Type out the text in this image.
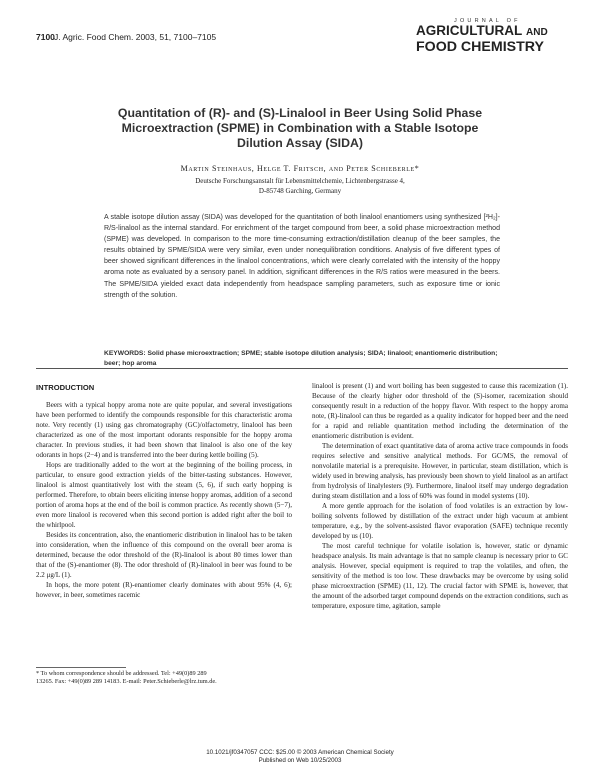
7100 J. Agric. Food Chem. 2003, 51, 7100–7105
JOURNAL OF
AGRICULTURAL AND
FOOD CHEMISTRY
Quantitation of (R)- and (S)-Linalool in Beer Using Solid Phase
Microextraction (SPME) in Combination with a Stable Isotope
Dilution Assay (SIDA)
Martin Steinhaus, Helge T. Fritsch, and Peter Schieberle*
Deutsche Forschungsanstalt für Lebensmittelchemie, Lichtenbergstrasse 4,
D-85748 Garching, Germany
A stable isotope dilution assay (SIDA) was developed for the quantitation of both linalool enantiomers using synthesized [²H₂]-R/S-linalool as the internal standard. For enrichment of the target compound from beer, a solid phase microextraction method (SPME) was developed. In comparison to the more time-consuming extraction/distillation cleanup of the beer samples, the results obtained by SPME/SIDA were very similar, even under nonequilibration conditions. Analysis of five different types of beer showed significant differences in the linalool concentrations, which were clearly correlated with the intensity of the hoppy aroma note as evaluated by a sensory panel. In addition, significant differences in the R/S ratios were measured in the beers. The SPME/SIDA yielded exact data independently from headspace sampling parameters, such as exposure time or ionic strength of the solution.
KEYWORDS: Solid phase microextraction; SPME; stable isotope dilution analysis; SIDA; linalool; enantiomeric distribution; beer; hop aroma
INTRODUCTION

Beers with a typical hoppy aroma note are quite popular, and several investigations have been performed to identify the compounds responsible for this characteristic aroma note. Very recently (1) using gas chromatography (GC)/olfactometry, linalool has been characterized as one of the most important odorants responsible for the hoppy aroma character. In previous studies, it had been shown that linalool is also one of the key odorants in hops (2−4) and is transferred into the beer during kettle boiling (5).

Hops are traditionally added to the wort at the beginning of the boiling process, in particular, to ensure good extraction yields of the bitter-tasting substances. However, linalool is almost quantitatively lost with the steam (5, 6), if such early hopping is performed. Therefore, to obtain beers eliciting intense hoppy aromas, addition of a second portion of aroma hops at the end of the boil is common practice. As recently shown (5−7), even more linalool is recovered when this second portion is added right after the boil to the whirlpool.

Besides its concentration, also, the enantiomeric distribution in linalool has to be taken into consideration, when the influence of this compound on the overall beer aroma is determined, because the odor threshold of the (R)-linalool is about 80 times lower than that of the (S)-enantiomer (8). The odor threshold of (R)-linalool in beer was found to be 2.2 μg/L (1).

In hops, the more potent (R)-enantiomer clearly dominates with about 95% (4, 6); however, in beer, sometimes racemic

linalool is present (1) and wort boiling has been suggested to cause this racemization (1). Because of the clearly higher odor threshold of the (S)-isomer, racemization should consequently result in a reduction of the hoppy flavor. With respect to the hoppy aroma note, (R)-linalool can thus be regarded as a quality indicator for hopped beer and the need for a rapid and reliable quantitation method including the determination of the enantiomeric distribution is evident.

The determination of exact quantitative data of aroma active trace compounds in foods requires selective and sensitive analytical methods. For GC/MS, the removal of nonvolatile material is a prerequisite. However, in particular, steam distillation, which is widely used in brewing analysis, has previously been shown to yield linalool as an artifact from hydrolysis of linalylesters (9). Furthermore, linalool itself may undergo degradation during steam distillation and a loss of 60% was found in model systems (10).

A more gentle approach for the isolation of food volatiles is an extraction by low-boiling solvents followed by distillation of the extract under high vacuum at ambient temperature, e.g., by the solvent-assisted flavor evaporation (SAFE) technique recently developed by us (10).

The most careful technique for volatile isolation is, however, static or dynamic headspace analysis. Its main advantage is that no sample cleanup is necessary prior to GC analysis. However, special equipment is required to trap the volatiles, and often, the sensitivity of the method is too low. These drawbacks may be overcome by using solid phase microextraction (SPME) (11, 12). The crucial factor with SPME is, however, that the amount of the adsorbed target compound depends on the extraction conditions, such as temperature, exposure time, agitation, sample

* To whom correspondence should be addressed. Tel: +49(0)89 289
13265. Fax: +49(0)89 289 14183. E-mail: Peter.Schieberle@lrz.tum.de.
10.1021/jf0347057 CCC: $25.00 © 2003 American Chemical Society
Published on Web 10/25/2003
